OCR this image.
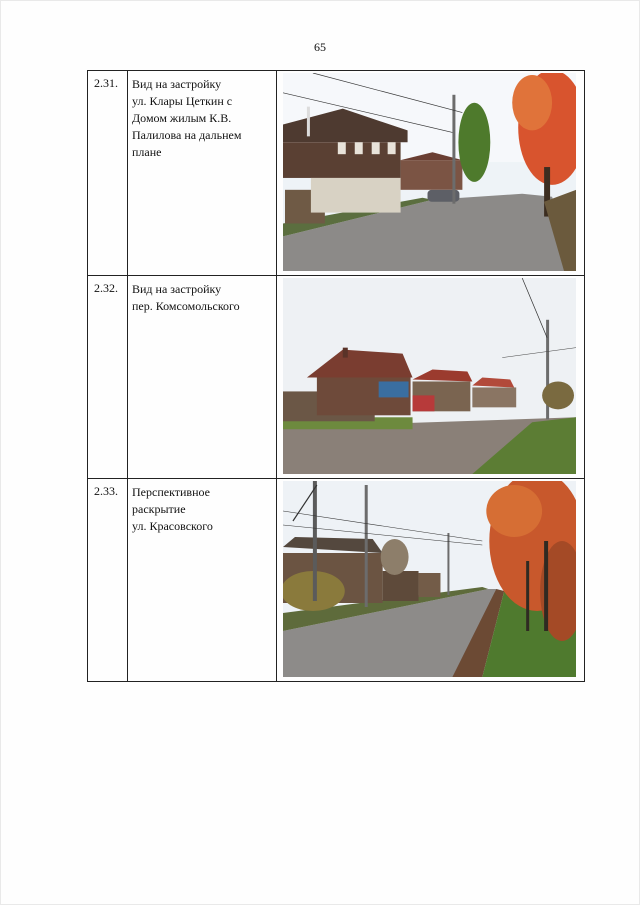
65
2.31.	Вид на застройку
ул. Клары Цеткин с
Домом жилым К.В.
Палилова на дальнем
плане
2.32.	Вид на застройку
пер. Комсомольского
2.33.	Перспективное
раскрытие
ул. Красовского
